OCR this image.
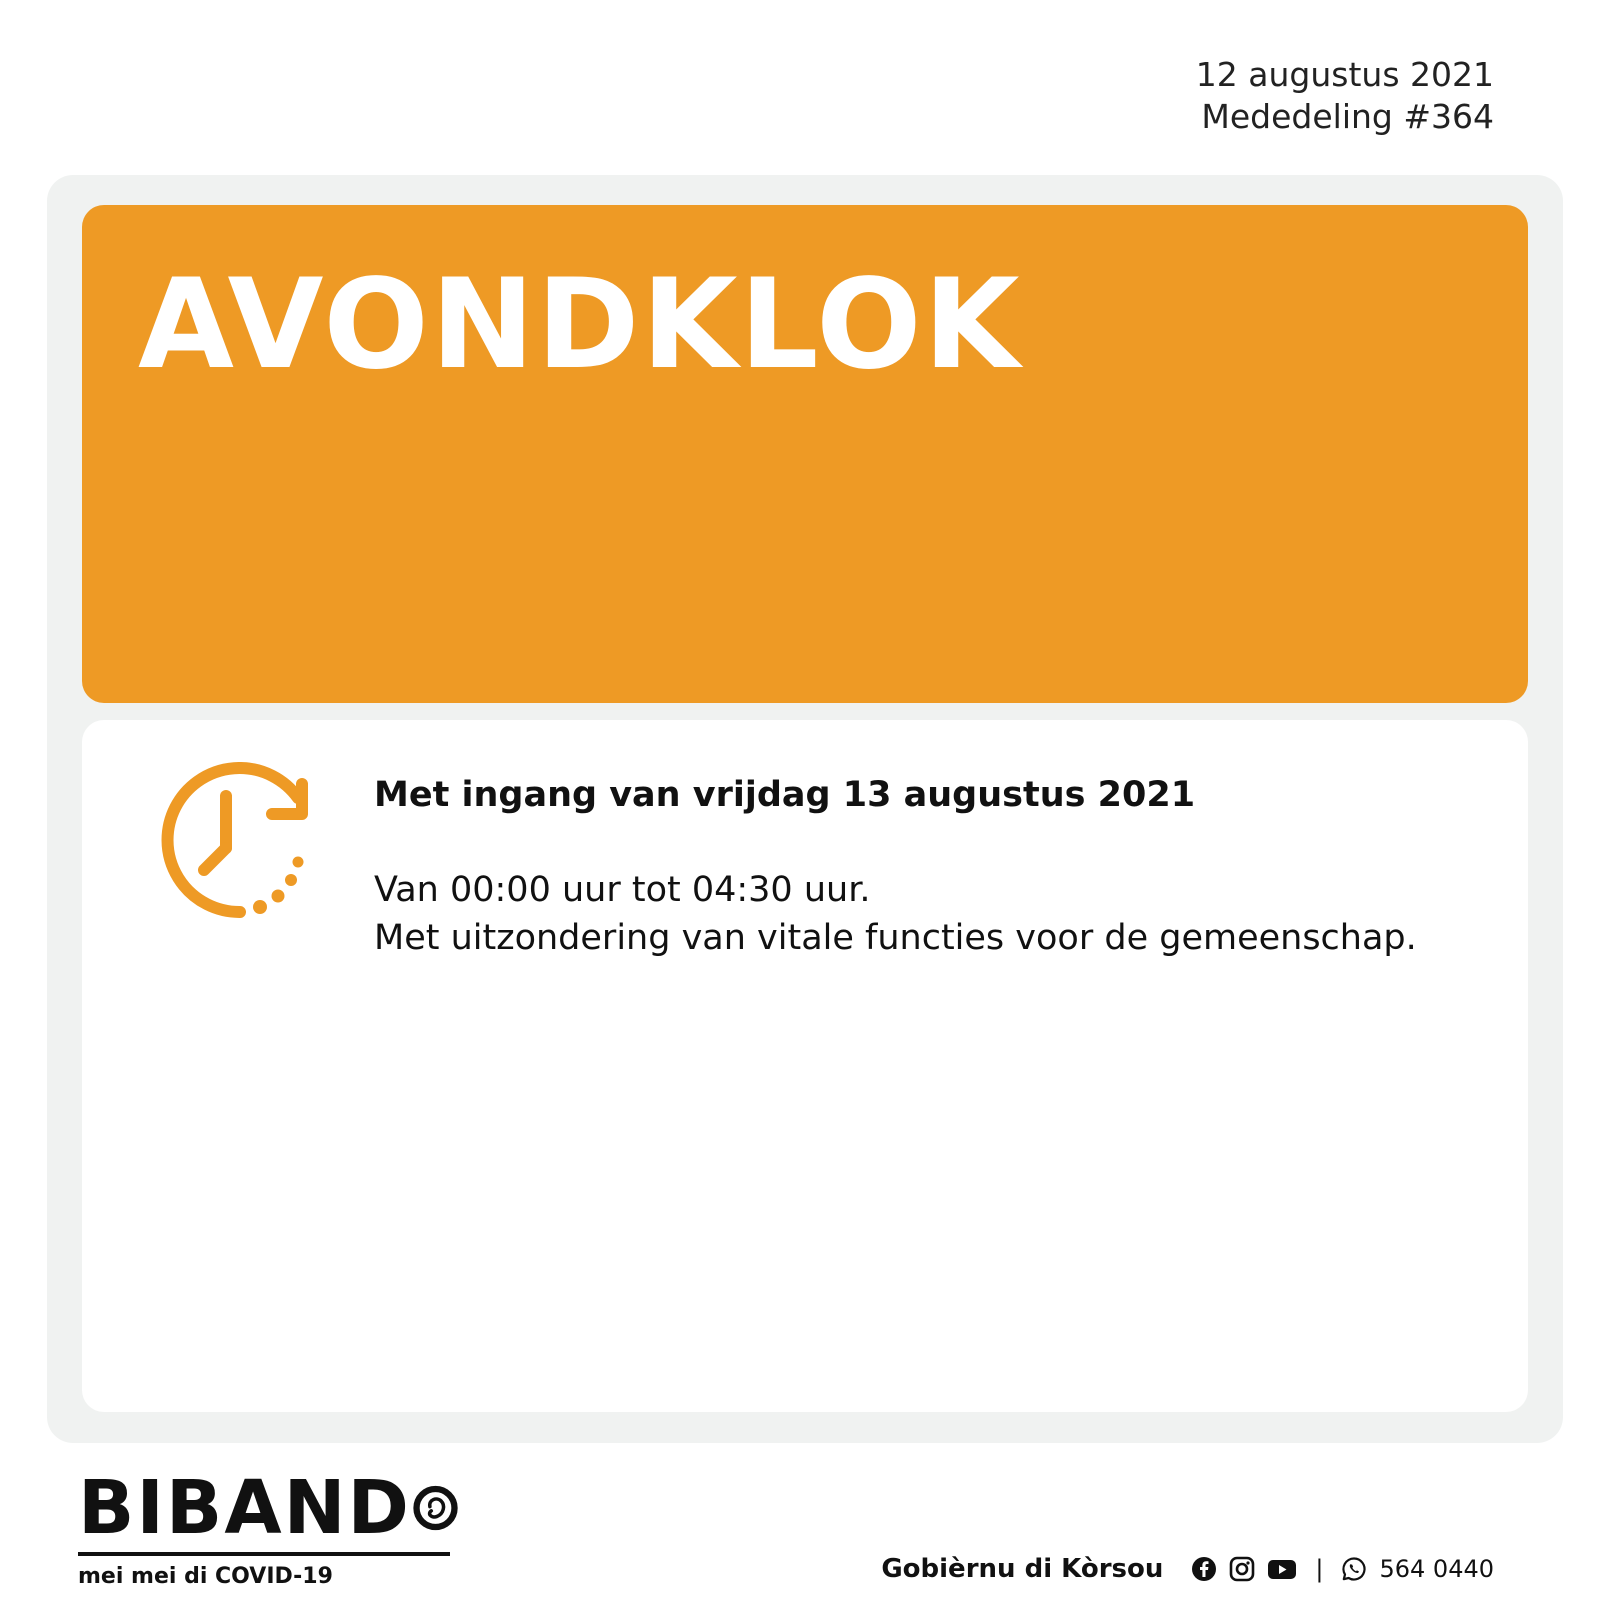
12 augustus 2021
Mededeling #364
AVONDKLOK
Met ingang van vrijdag 13 augustus 2021
Van 00:00 uur tot 04:30 uur.
Met uitzondering van vitale functies voor de gemeenschap.
BIBAND
mei mei di COVID-19	Gobièrnu di Kòrsou	| 564 0440
